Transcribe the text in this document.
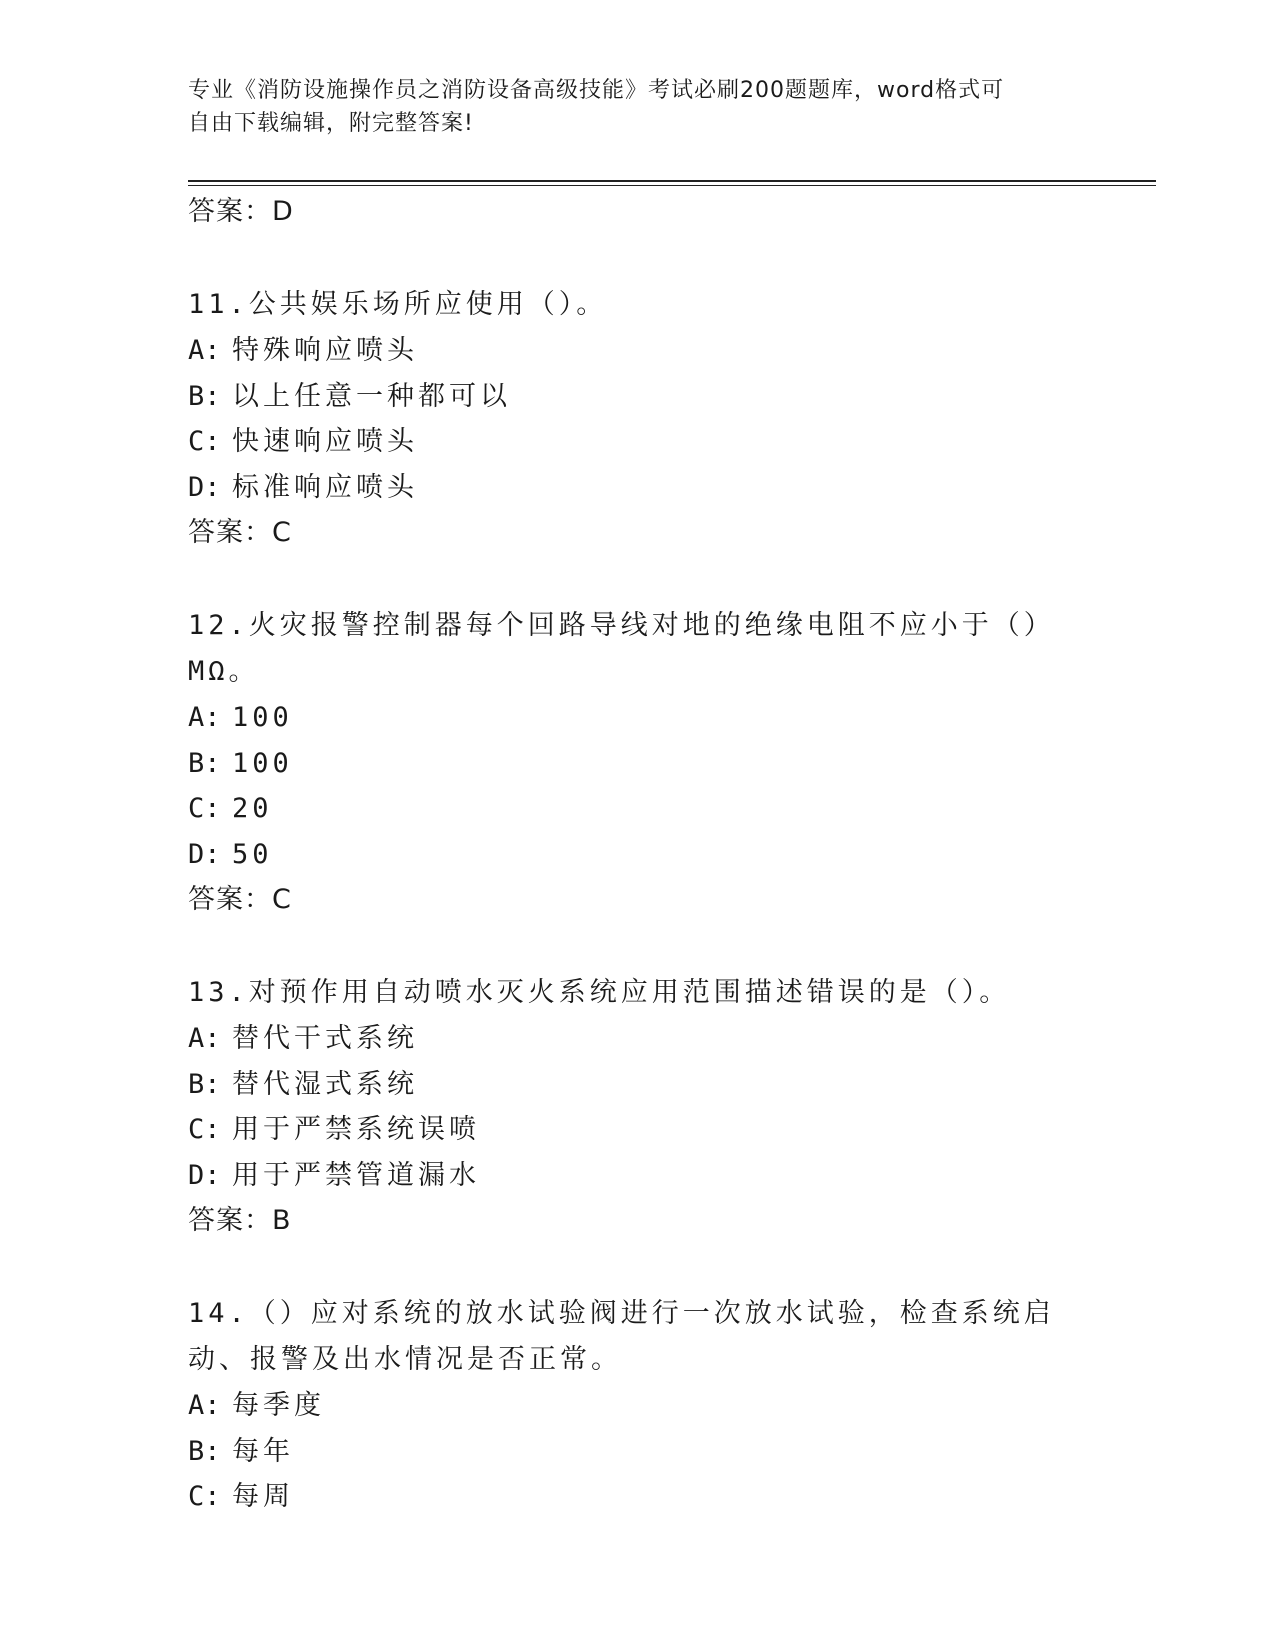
专业《消防设施操作员之消防设备高级技能》考试必刷200题题库，word格式可
自由下载编辑，附完整答案!
答案：D
11.公共娱乐场所应使用（）。
A: 特殊响应喷头
B: 以上任意一种都可以
C: 快速响应喷头
D: 标准响应喷头
答案：C
12.火灾报警控制器每个回路导线对地的绝缘电阻不应小于（）MΩ。
A: 100
B: 100
C: 20
D: 50
答案：C
13.对预作用自动喷水灭火系统应用范围描述错误的是（）。
A: 替代干式系统
B: 替代湿式系统
C: 用于严禁系统误喷
D: 用于严禁管道漏水
答案：B
14.（）应对系统的放水试验阀进行一次放水试验，检查系统启动、报警及出水情况是否正常。
A: 每季度
B: 每年
C: 每周
